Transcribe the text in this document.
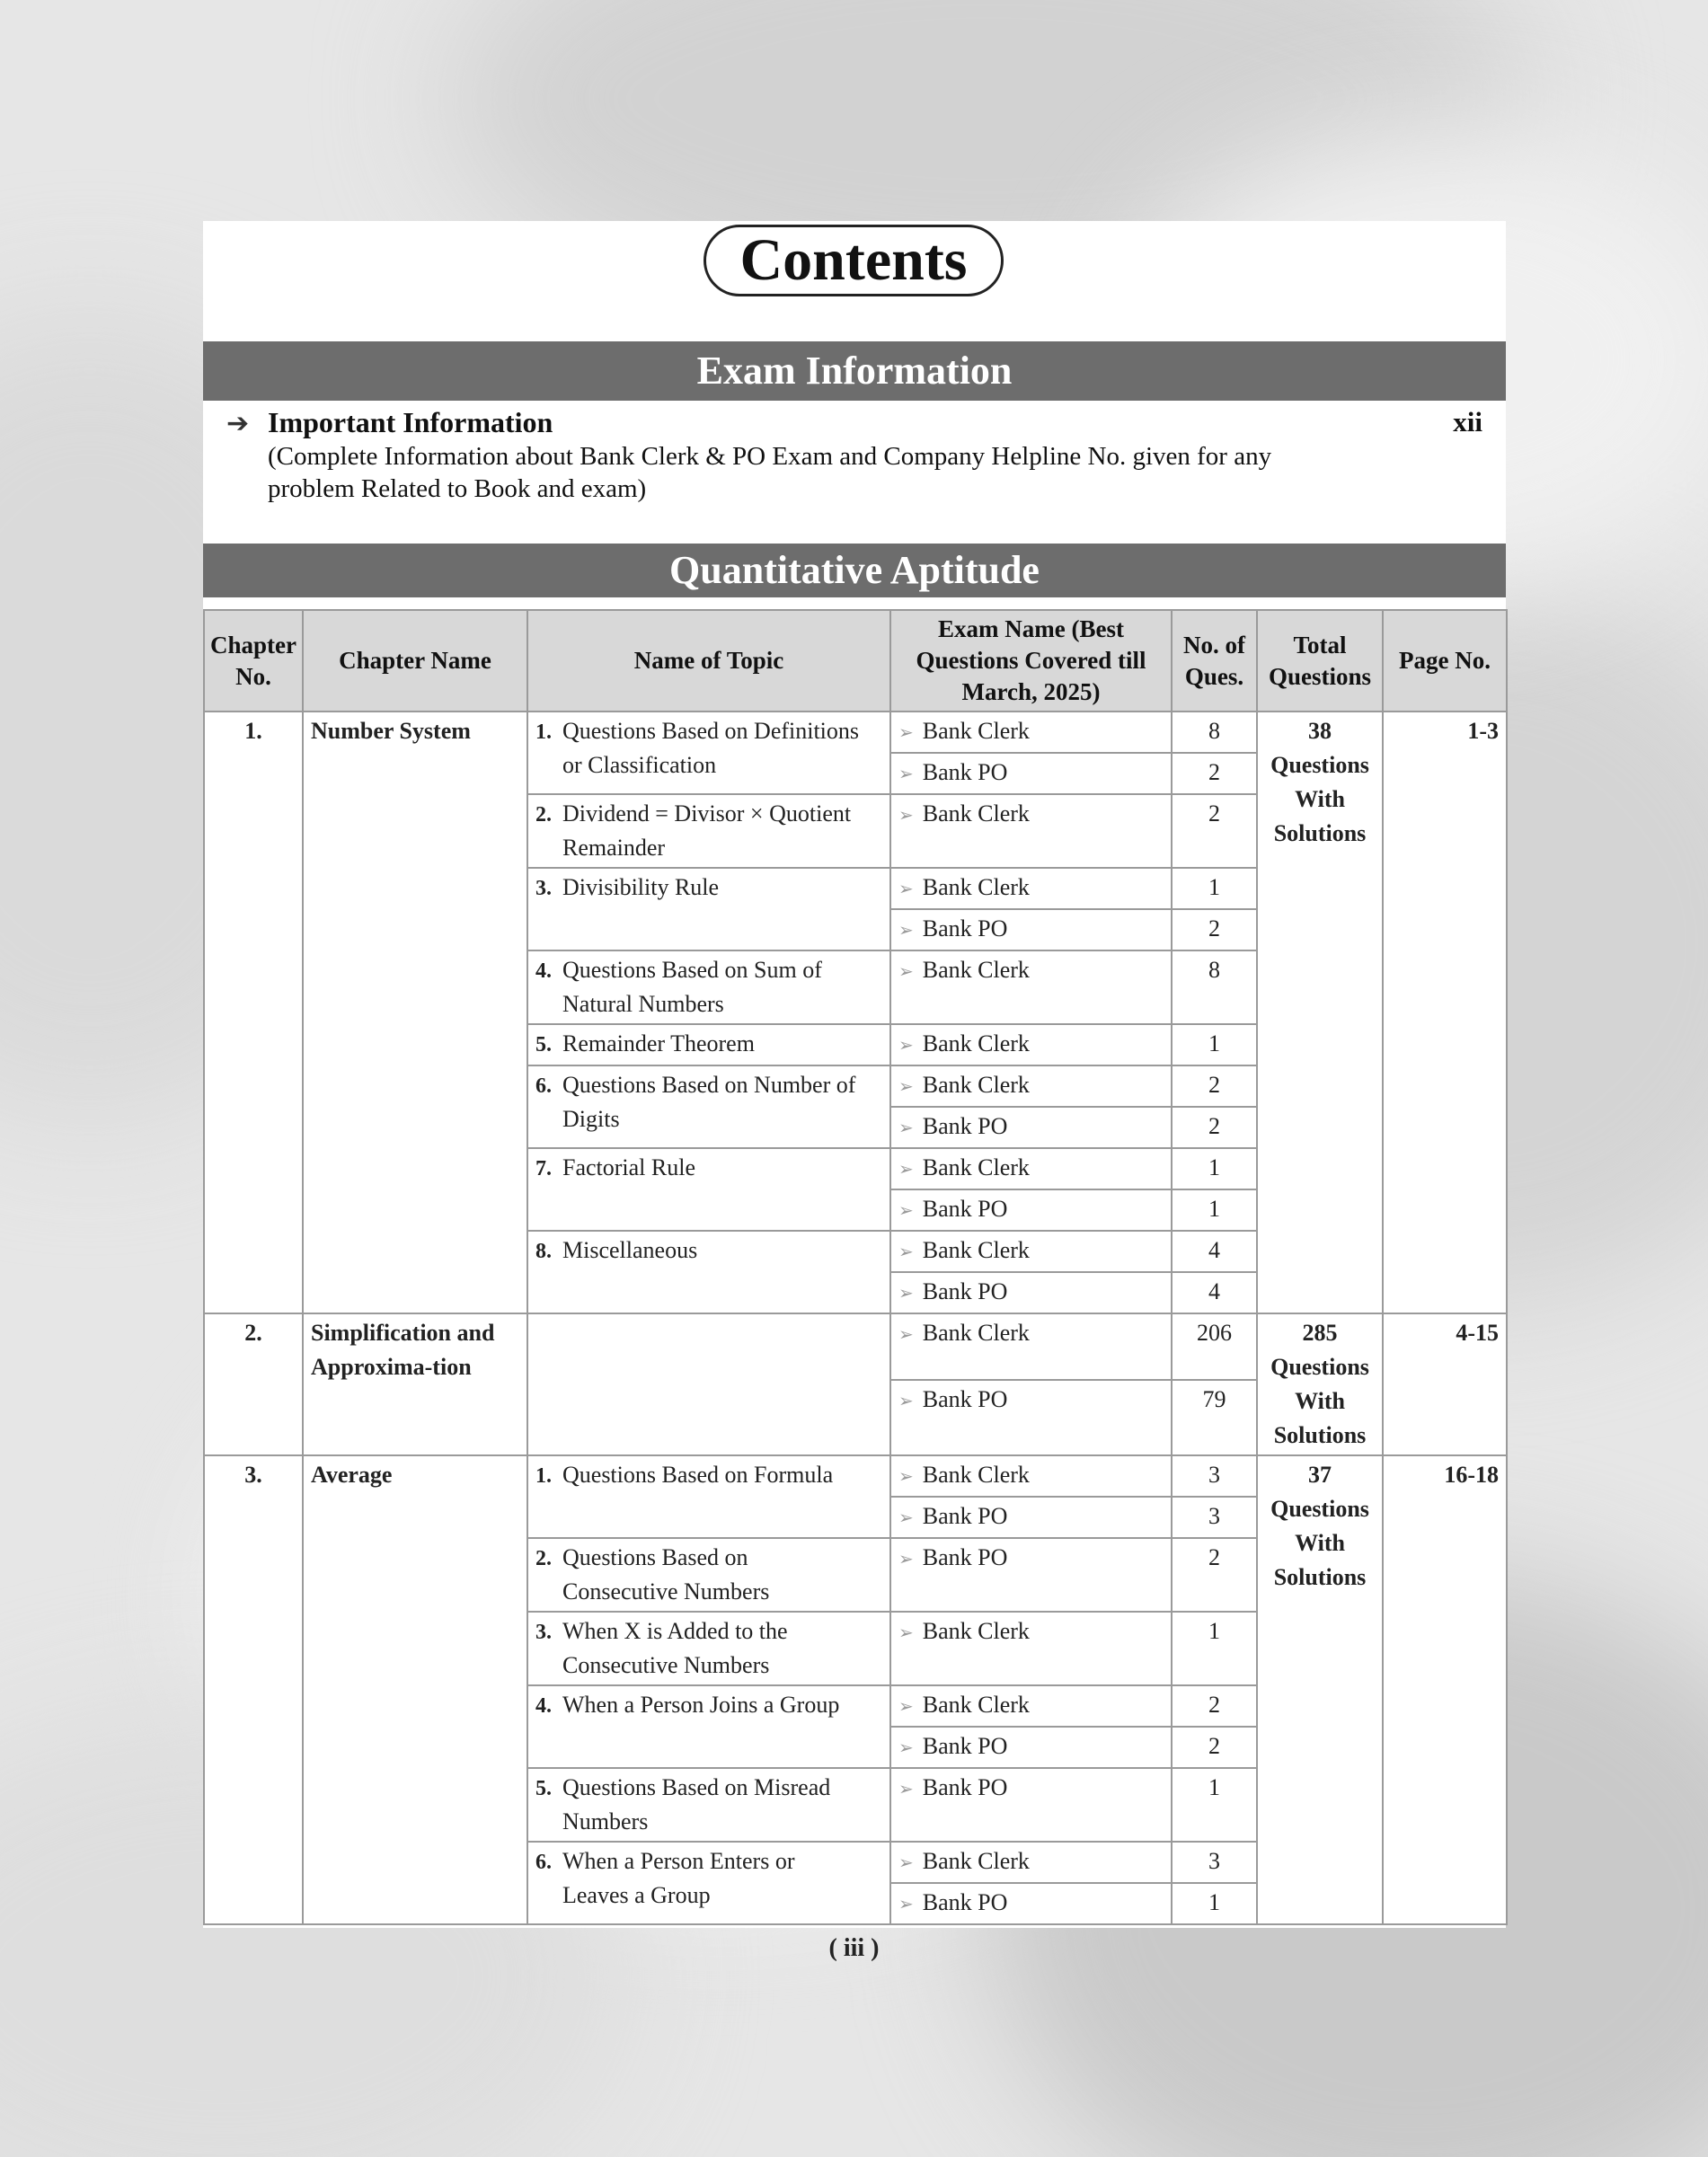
Contents
Exam Information
➔ Important Information
(Complete Information about Bank Clerk & PO Exam and Company Helpline No. given for any problem Related to Book and exam)
xii
Quantitative Aptitude
Chapter No.	Chapter Name	Name of Topic	Exam Name (Best Questions Covered till March, 2025)	No. of Ques.	Total Questions	Page No.
1.	Number System	1. Questions Based on Definitions or Classification	➢ Bank Clerk	8	38 Questions With Solutions	1-3
			➢ Bank PO	2		
		2. Dividend = Divisor × Quotient Remainder	➢ Bank Clerk	2		
		3. Divisibility Rule	➢ Bank Clerk	1		
			➢ Bank PO	2		
		4. Questions Based on Sum of Natural Numbers	➢ Bank Clerk	8		
		5. Remainder Theorem	➢ Bank Clerk	1		
		6. Questions Based on Number of Digits	➢ Bank Clerk	2		
			➢ Bank PO	2		
		7. Factorial Rule	➢ Bank Clerk	1		
			➢ Bank PO	1		
		8. Miscellaneous	➢ Bank Clerk	4		
			➢ Bank PO	4		
2.	Simplification and Approxima-tion		➢ Bank Clerk	206	285 Questions With Solutions	4-15
			➢ Bank PO	79		
3.	Average	1. Questions Based on Formula	➢ Bank Clerk	3	37 Questions With Solutions	16-18
			➢ Bank PO	3		
		2. Questions Based on Consecutive Numbers	➢ Bank PO	2		
		3. When X is Added to the Consecutive Numbers	➢ Bank Clerk	1		
		4. When a Person Joins a Group	➢ Bank Clerk	2		
			➢ Bank PO	2		
		5. Questions Based on Misread Numbers	➢ Bank PO	1		
		6. When a Person Enters or Leaves a Group	➢ Bank Clerk	3		
			➢ Bank PO	1		
( iii )
